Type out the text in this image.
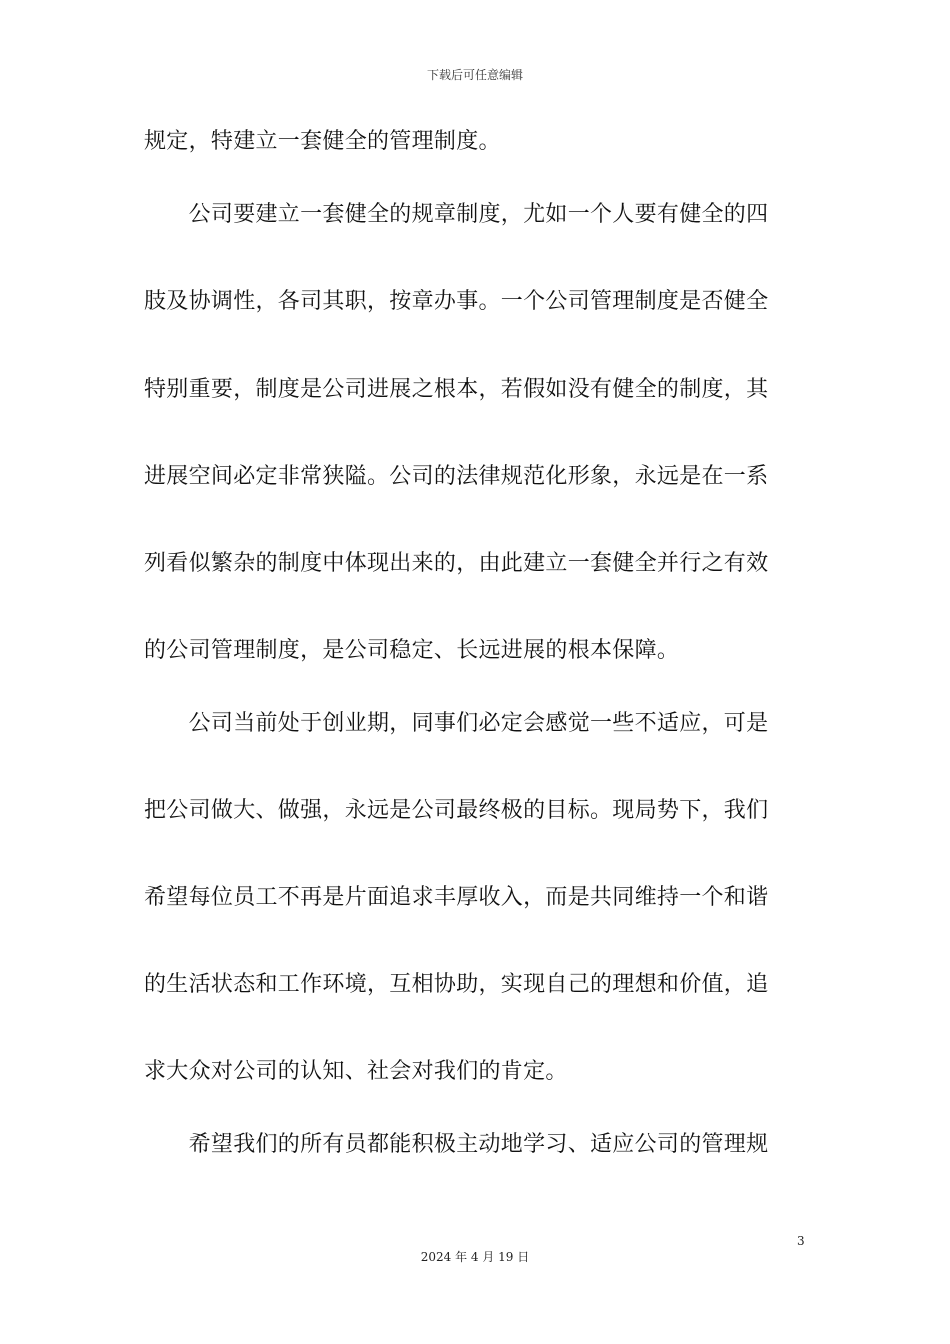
下载后可任意编辑
规定，特建立一套健全的管理制度。
　　公司要建立一套健全的规章制度，尤如一个人要有健全的四
肢及协调性，各司其职，按章办事。一个公司管理制度是否健全
特别重要，制度是公司进展之根本，若假如没有健全的制度，其
进展空间必定非常狭隘。公司的法律规范化形象，永远是在一系
列看似繁杂的制度中体现出来的，由此建立一套健全并行之有效
的公司管理制度，是公司稳定、长远进展的根本保障。
　　公司当前处于创业期，同事们必定会感觉一些不适应，可是
把公司做大、做强，永远是公司最终极的目标。现局势下，我们
希望每位员工不再是片面追求丰厚收入，而是共同维持一个和谐
的生活状态和工作环境，互相协助，实现自己的理想和价值，追
求大众对公司的认知、社会对我们的肯定。
　　希望我们的所有员都能积极主动地学习、适应公司的管理规
3
2024 年 4 月 19 日
